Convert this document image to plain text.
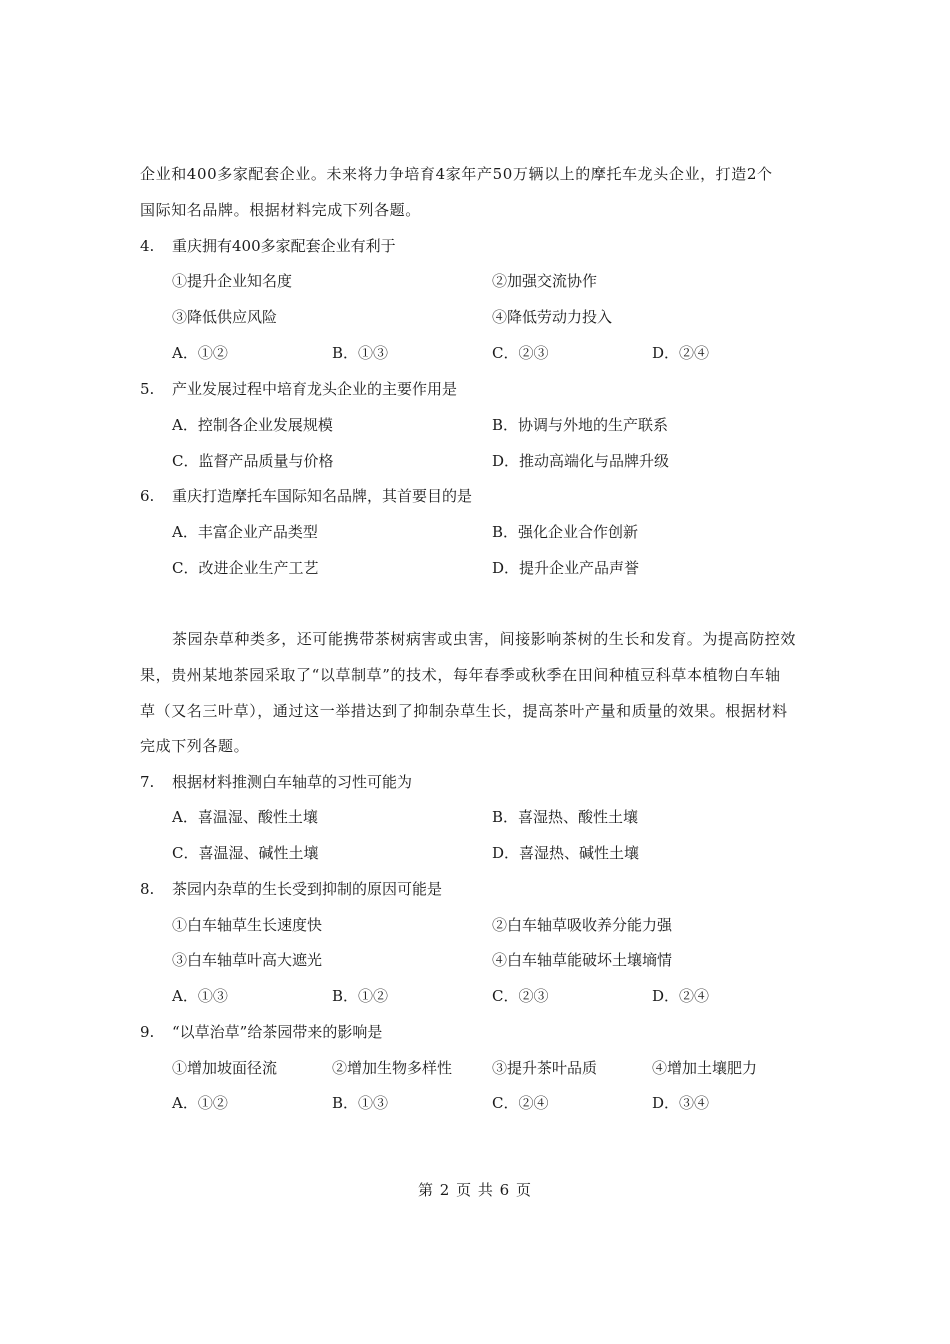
企业和400多家配套企业。未来将力争培育4家年产50万辆以上的摩托车龙头企业，打造2个
国际知名品牌。根据材料完成下列各题。
4. 重庆拥有400多家配套企业有利于
①提升企业知名度	②加强交流协作
③降低供应风险	④降低劳动力投入
A．①②	B．①③	C．②③	D．②④
5. 产业发展过程中培育龙头企业的主要作用是
A．控制各企业发展规模	B．协调与外地的生产联系
C．监督产品质量与价格	D．推动高端化与品牌升级
6. 重庆打造摩托车国际知名品牌，其首要目的是
A．丰富企业产品类型	B．强化企业合作创新
C．改进企业生产工艺	D．提升企业产品声誉
茶园杂草种类多，还可能携带茶树病害或虫害，间接影响茶树的生长和发育。为提高防控效
果，贵州某地茶园采取了“以草制草”的技术，每年春季或秋季在田间种植豆科草本植物白车轴
草（又名三叶草），通过这一举措达到了抑制杂草生长，提高茶叶产量和质量的效果。根据材料
完成下列各题。
7. 根据材料推测白车轴草的习性可能为
A．喜温湿、酸性土壤	B．喜湿热、酸性土壤
C．喜温湿、碱性土壤	D．喜湿热、碱性土壤
8. 茶园内杂草的生长受到抑制的原因可能是
①白车轴草生长速度快	②白车轴草吸收养分能力强
③白车轴草叶高大遮光	④白车轴草能破坏土壤墒情
A．①③	B．①②	C．②③	D．②④
9. “以草治草”给茶园带来的影响是
①增加坡面径流	②增加生物多样性	③提升茶叶品质	④增加土壤肥力
A．①②	B．①③	C．②④	D．③④
第 2 页 共 6 页
